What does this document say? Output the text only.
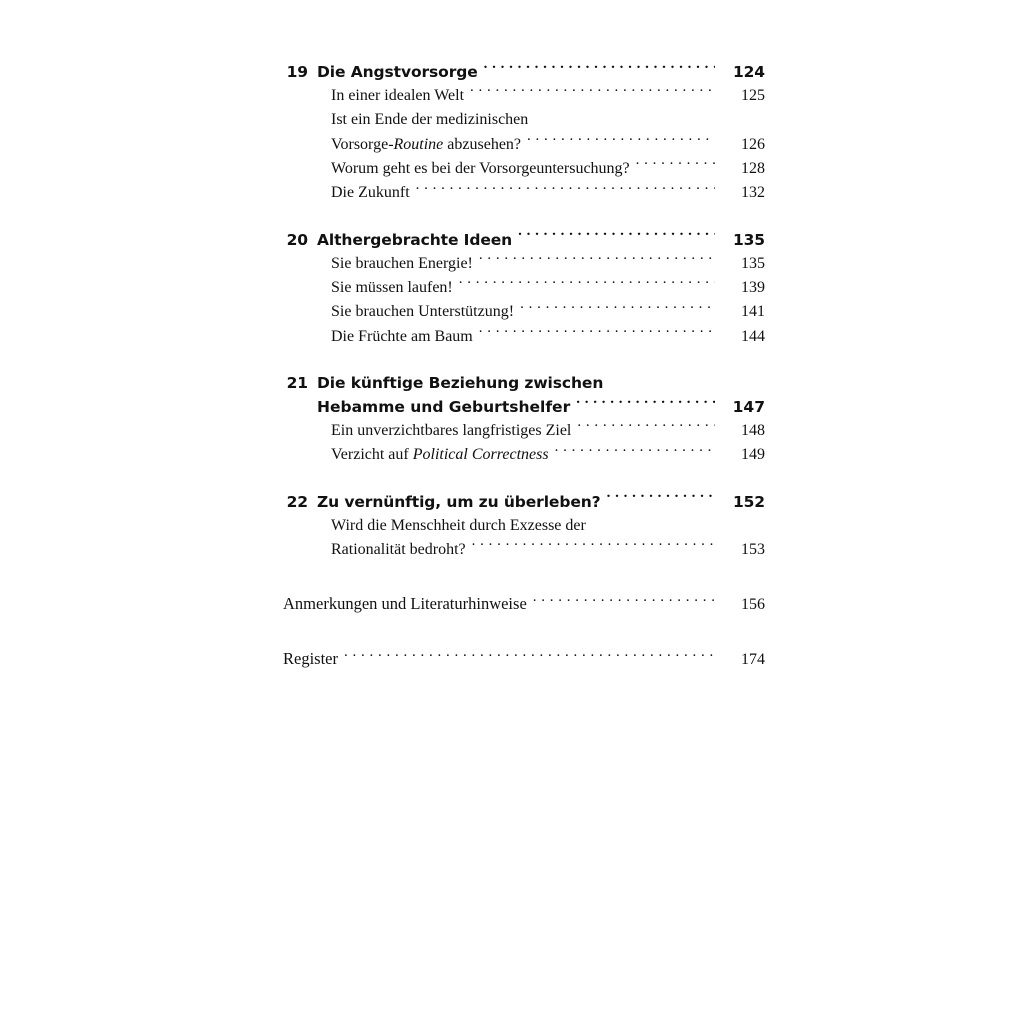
19 Die Angstvorsorge . . .	124
In einer idealen Welt . . .	125
Ist ein Ende der medizinischen
Vorsorge-Routine abzusehen? . . .	126
Worum geht es bei der Vorsorgeuntersuchung? . . .	128
Die Zukunft . . .	132
20 Althergebrachte Ideen . . .	135
Sie brauchen Energie! . . .	135
Sie müssen laufen! . . .	139
Sie brauchen Unterstützung! . . .	141
Die Früchte am Baum . . .	144
21 Die künftige Beziehung zwischen
Hebamme und Geburtshelfer . . .	147
Ein unverzichtbares langfristiges Ziel . . .	148
Verzicht auf Political Correctness . . .	149
22 Zu vernünftig, um zu überleben? . . .	152
Wird die Menschheit durch Exzesse der
Rationalität bedroht? . . .	153
Anmerkungen und Literaturhinweise . . .	156
Register . . .	174
